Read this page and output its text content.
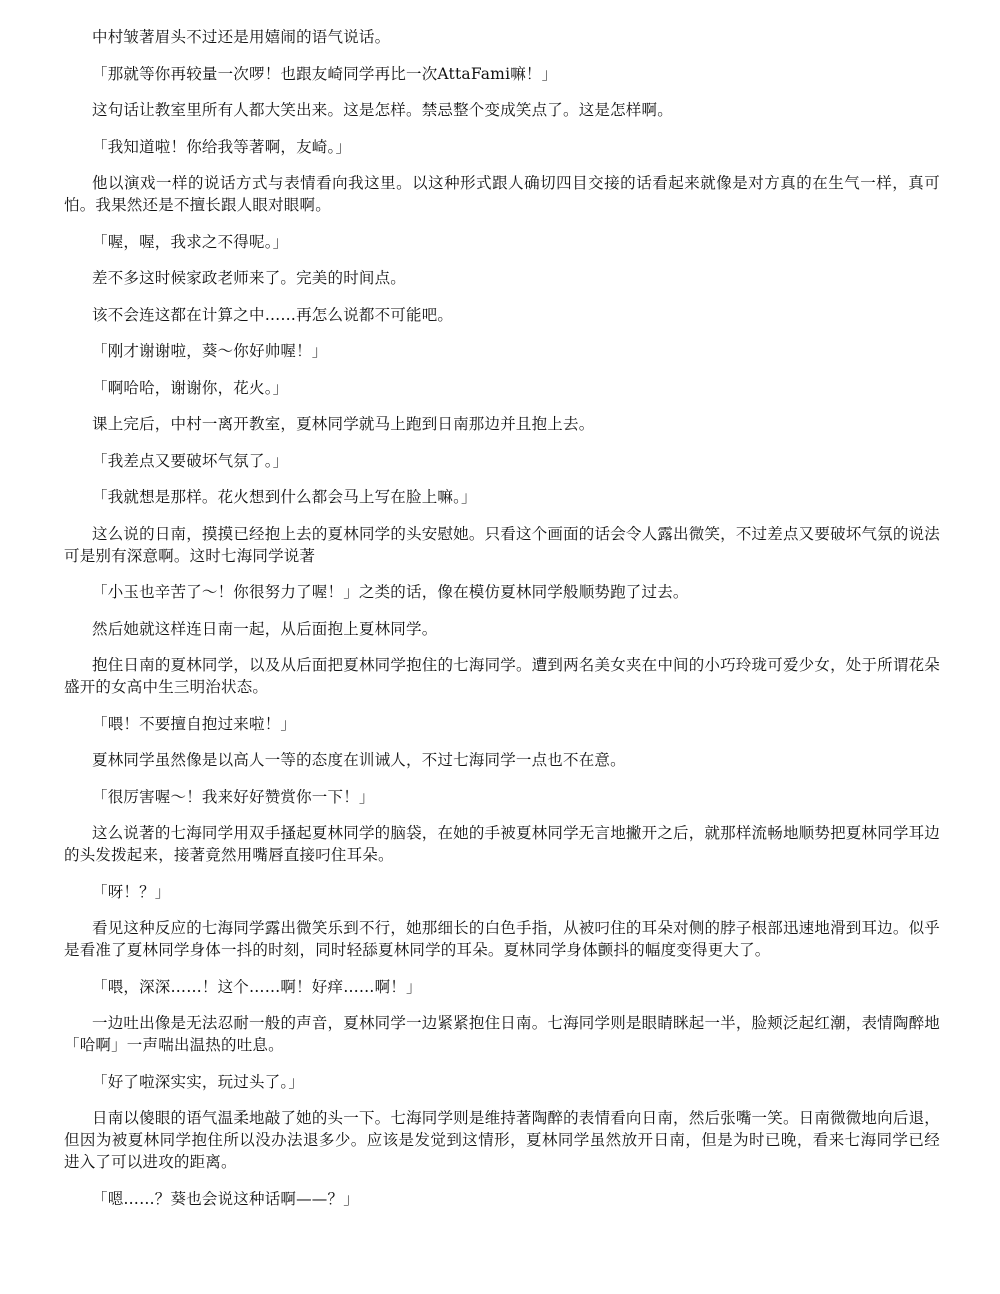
中村皱著眉头不过还是用嬉闹的语气说话。

「那就等你再较量一次啰！也跟友崎同学再比一次AttaFami嘛！」

这句话让教室里所有人都大笑出来。这是怎样。禁忌整个变成笑点了。这是怎样啊。

「我知道啦！你给我等著啊，友崎。」

他以演戏一样的说话方式与表情看向我这里。以这种形式跟人确切四目交接的话看起来就像是对方真的在生气一样，真可怕。我果然还是不擅长跟人眼对眼啊。

「喔，喔，我求之不得呢。」

差不多这时候家政老师来了。完美的时间点。

该不会连这都在计算之中……再怎么说都不可能吧。

「刚才谢谢啦，葵～你好帅喔！」

「啊哈哈，谢谢你，花火。」

课上完后，中村一离开教室，夏林同学就马上跑到日南那边并且抱上去。

「我差点又要破坏气氛了。」

「我就想是那样。花火想到什么都会马上写在脸上嘛。」

这么说的日南，摸摸已经抱上去的夏林同学的头安慰她。只看这个画面的话会令人露出微笑，不过差点又要破坏气氛的说法可是别有深意啊。这时七海同学说著

「小玉也辛苦了～！你很努力了喔！」之类的话，像在模仿夏林同学般顺势跑了过去。

然后她就这样连日南一起，从后面抱上夏林同学。

抱住日南的夏林同学，以及从后面把夏林同学抱住的七海同学。遭到两名美女夹在中间的小巧玲珑可爱少女，处于所谓花朵盛开的女高中生三明治状态。

「喂！不要擅自抱过来啦！」

夏林同学虽然像是以高人一等的态度在训诫人，不过七海同学一点也不在意。

「很厉害喔～！我来好好赞赏你一下！」

这么说著的七海同学用双手搔起夏林同学的脑袋，在她的手被夏林同学无言地撇开之后，就那样流畅地顺势把夏林同学耳边的头发拨起来，接著竟然用嘴唇直接叼住耳朵。

「呀！？」

看见这种反应的七海同学露出微笑乐到不行，她那细长的白色手指，从被叼住的耳朵对侧的脖子根部迅速地滑到耳边。似乎是看准了夏林同学身体一抖的时刻，同时轻舔夏林同学的耳朵。夏林同学身体颤抖的幅度变得更大了。

「喂，深深……！这个……啊！好痒……啊！」

一边吐出像是无法忍耐一般的声音，夏林同学一边紧紧抱住日南。七海同学则是眼睛眯起一半，脸颊泛起红潮，表情陶醉地「哈啊」一声喘出温热的吐息。

「好了啦深实实，玩过头了。」

日南以傻眼的语气温柔地敲了她的头一下。七海同学则是维持著陶醉的表情看向日南，然后张嘴一笑。日南微微地向后退，但因为被夏林同学抱住所以没办法退多少。应该是发觉到这情形，夏林同学虽然放开日南，但是为时已晚，看来七海同学已经进入了可以进攻的距离。

「嗯……？葵也会说这种话啊——？」
